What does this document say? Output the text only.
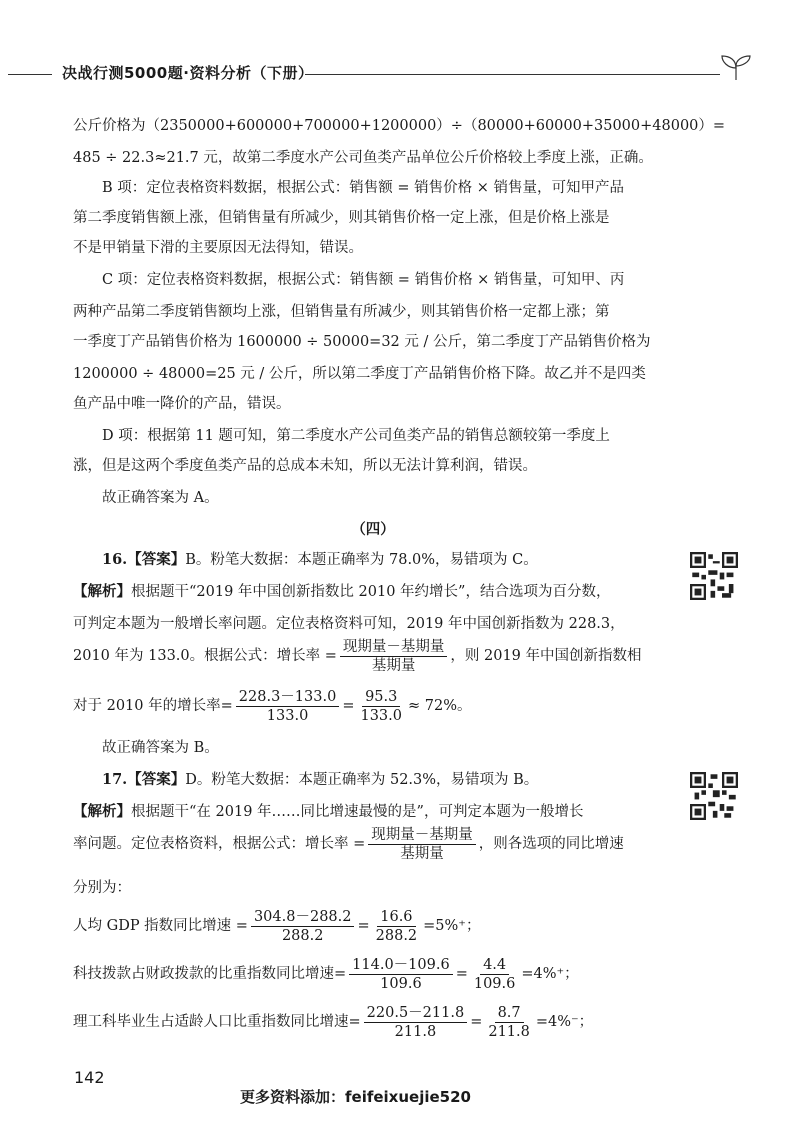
决战行测5000题·资料分析（下册）
公斤价格为（2350000+600000+700000+1200000）÷（80000+60000+35000+48000）=
485 ÷ 22.3≈21.7 元，故第二季度水产公司鱼类产品单位公斤价格较上季度上涨，正确。
B 项：定位表格资料数据，根据公式：销售额 = 销售价格 × 销售量，可知甲产品
第二季度销售额上涨，但销售量有所减少，则其销售价格一定上涨，但是价格上涨是
不是甲销量下滑的主要原因无法得知，错误。
C 项：定位表格资料数据，根据公式：销售额 = 销售价格 × 销售量，可知甲、丙
两种产品第二季度销售额均上涨，但销售量有所减少，则其销售价格一定都上涨；第
一季度丁产品销售价格为 1600000 ÷ 50000=32 元 / 公斤，第二季度丁产品销售价格为
1200000 ÷ 48000=25 元 / 公斤，所以第二季度丁产品销售价格下降。故乙并不是四类
鱼产品中唯一降价的产品，错误。
D 项：根据第 11 题可知，第二季度水产公司鱼类产品的销售总额较第一季度上
涨，但是这两个季度鱼类产品的总成本未知，所以无法计算利润，错误。
故正确答案为 A。
（四）
16.【答案】B。粉笔大数据：本题正确率为 78.0%，易错项为 C。
【解析】根据题干“2019 年中国创新指数比 2010 年约增长”，结合选项为百分数，
可判定本题为一般增长率问题。定位表格资料可知，2019 年中国创新指数为 228.3，
2010 年为 133.0。根据公式：增长率 = $\frac{\text{现期量－基期量}}{\text{基期量}}$ ，则 2019 年中国创新指数相
对于 2010 年的增长率= $\frac{228.3-133.0}{133.0} = \frac{95.3}{133.0} \approx 72\%$。
故正确答案为 B。
17.【答案】D。粉笔大数据：本题正确率为 52.3%，易错项为 B。
【解析】根据题干“在 2019 年……同比增速最慢的是”，可判定本题为一般增长
率问题。定位表格资料，根据公式：增长率 = $\frac{\text{现期量－基期量}}{\text{基期量}}$ ，则各选项的同比增速
分别为：
人均 GDP 指数同比增速 = $\frac{304.8-288.2}{288.2} = \frac{16.6}{288.2} =5\%^+$；
科技拨款占财政拨款的比重指数同比增速= $\frac{114.0-109.6}{109.6} = \frac{4.4}{109.6} =4\%^+$；
理工科毕业生占适龄人口比重指数同比增速= $\frac{220.5-211.8}{211.8} = \frac{8.7}{211.8} =4\%^-$；
142
更多资料添加：feifeixuejie520
